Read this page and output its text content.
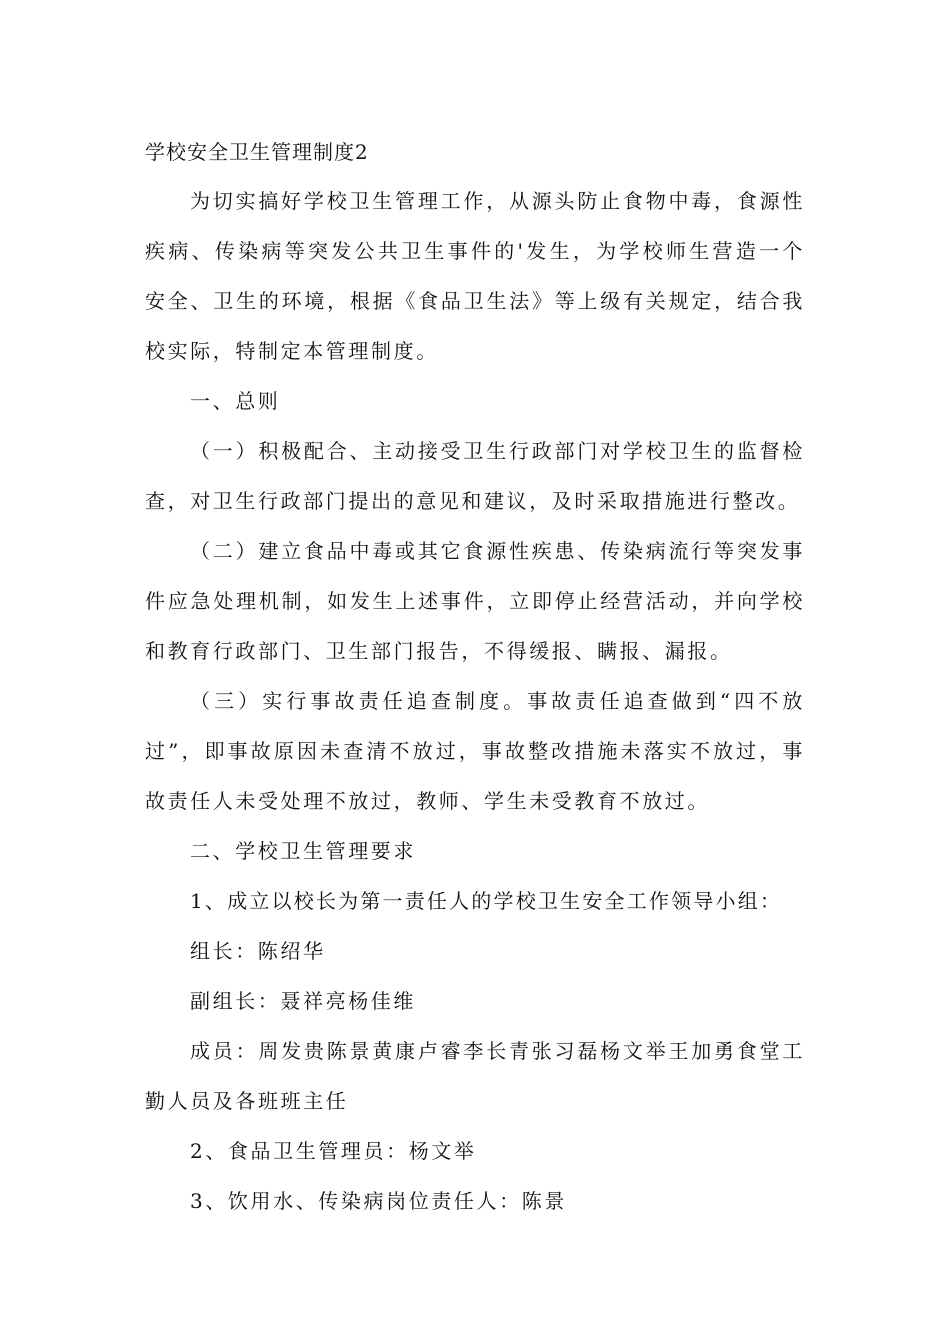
学校安全卫生管理制度2

为切实搞好学校卫生管理工作，从源头防止食物中毒，食源性疾病、传染病等突发公共卫生事件的'发生，为学校师生营造一个安全、卫生的环境，根据《食品卫生法》等上级有关规定，结合我校实际，特制定本管理制度。

一、总则

（一）积极配合、主动接受卫生行政部门对学校卫生的监督检查，对卫生行政部门提出的意见和建议，及时采取措施进行整改。

（二）建立食品中毒或其它食源性疾患、传染病流行等突发事件应急处理机制，如发生上述事件，立即停止经营活动，并向学校和教育行政部门、卫生部门报告，不得缓报、瞒报、漏报。

（三）实行事故责任追查制度。事故责任追查做到“四不放过”，即事故原因未查清不放过，事故整改措施未落实不放过，事故责任人未受处理不放过，教师、学生未受教育不放过。

二、学校卫生管理要求

1、成立以校长为第一责任人的学校卫生安全工作领导小组：

组长：陈绍华

副组长：聂祥亮杨佳维

成员：周发贵陈景黄康卢睿李长青张习磊杨文举王加勇食堂工勤人员及各班班主任

2、食品卫生管理员：杨文举

3、饮用水、传染病岗位责任人：陈景
